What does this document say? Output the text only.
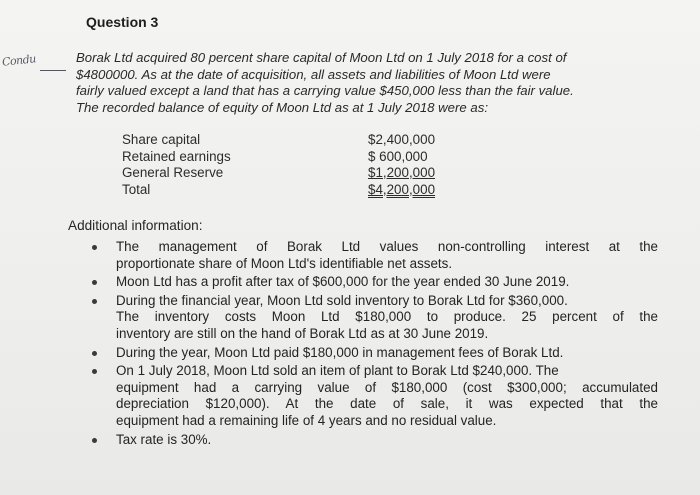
Question 3
Condu	Borak Ltd acquired 80 percent share capital of Moon Ltd on 1 July 2018 for a cost of
$4800000. As at the date of acquisition, all assets and liabilities of Moon Ltd were
fairly valued except a land that has a carrying value $450,000 less than the fair value.
The recorded balance of equity of Moon Ltd as at 1 July 2018 were as:
Share capital	$2,400,000
Retained earnings	$ 600,000
General Reserve	$1,200,000
Total	$4,200,000
Additional information:
The management of Borak Ltd values non-controlling interest at the
proportionate share of Moon Ltd's identifiable net assets.
Moon Ltd has a profit after tax of $600,000 for the year ended 30 June 2019.
During the financial year, Moon Ltd sold inventory to Borak Ltd for $360,000.
The inventory costs Moon Ltd $180,000 to produce. 25 percent of the
inventory are still on the hand of Borak Ltd as at 30 June 2019.
During the year, Moon Ltd paid $180,000 in management fees of Borak Ltd.
On 1 July 2018, Moon Ltd sold an item of plant to Borak Ltd $240,000. The
equipment had a carrying value of $180,000 (cost $300,000; accumulated
depreciation $120,000). At the date of sale, it was expected that the
equipment had a remaining life of 4 years and no residual value.
Tax rate is 30%.
